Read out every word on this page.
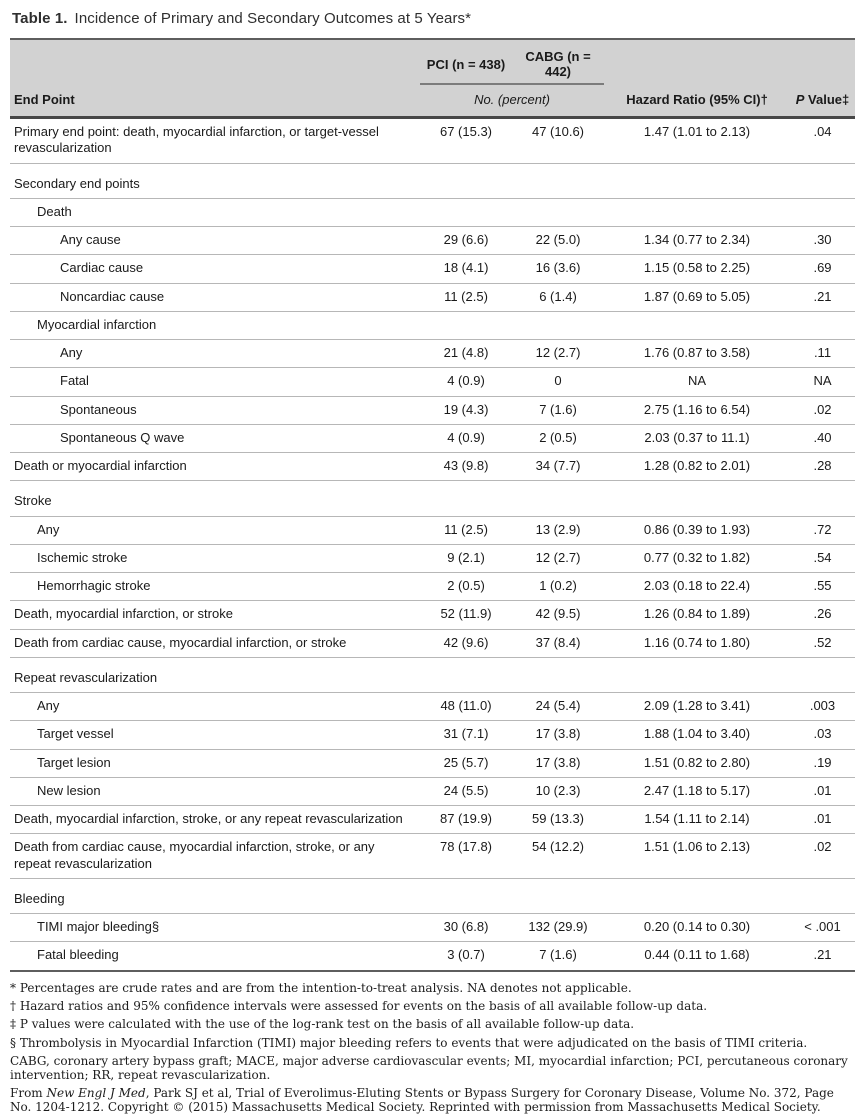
Table 1. Incidence of Primary and Secondary Outcomes at 5 Years*
	PCI (n = 438)	CABG (n = 442)		
End Point	No. (percent)		Hazard Ratio (95% CI)†	P Value‡
Primary end point: death, myocardial infarction, or target-vessel revascularization	67 (15.3)	47 (10.6)	1.47 (1.01 to 2.13)	.04
Secondary end points				
Death				
Any cause	29 (6.6)	22 (5.0)	1.34 (0.77 to 2.34)	.30
Cardiac cause	18 (4.1)	16 (3.6)	1.15 (0.58 to 2.25)	.69
Noncardiac cause	11 (2.5)	6 (1.4)	1.87 (0.69 to 5.05)	.21
Myocardial infarction				
Any	21 (4.8)	12 (2.7)	1.76 (0.87 to 3.58)	.11
Fatal	4 (0.9)	0	NA	NA
Spontaneous	19 (4.3)	7 (1.6)	2.75 (1.16 to 6.54)	.02
Spontaneous Q wave	4 (0.9)	2 (0.5)	2.03 (0.37 to 11.1)	.40
Death or myocardial infarction	43 (9.8)	34 (7.7)	1.28 (0.82 to 2.01)	.28
Stroke				
Any	11 (2.5)	13 (2.9)	0.86 (0.39 to 1.93)	.72
Ischemic stroke	9 (2.1)	12 (2.7)	0.77 (0.32 to 1.82)	.54
Hemorrhagic stroke	2 (0.5)	1 (0.2)	2.03 (0.18 to 22.4)	.55
Death, myocardial infarction, or stroke	52 (11.9)	42 (9.5)	1.26 (0.84 to 1.89)	.26
Death from cardiac cause, myocardial infarction, or stroke	42 (9.6)	37 (8.4)	1.16 (0.74 to 1.80)	.52
Repeat revascularization				
Any	48 (11.0)	24 (5.4)	2.09 (1.28 to 3.41)	.003
Target vessel	31 (7.1)	17 (3.8)	1.88 (1.04 to 3.40)	.03
Target lesion	25 (5.7)	17 (3.8)	1.51 (0.82 to 2.80)	.19
New lesion	24 (5.5)	10 (2.3)	2.47 (1.18 to 5.17)	.01
Death, myocardial infarction, stroke, or any repeat revascularization	87 (19.9)	59 (13.3)	1.54 (1.11 to 2.14)	.01
Death from cardiac cause, myocardial infarction, stroke, or any repeat revascularization	78 (17.8)	54 (12.2)	1.51 (1.06 to 2.13)	.02
Bleeding				
TIMI major bleeding§	30 (6.8)	132 (29.9)	0.20 (0.14 to 0.30)	< .001
Fatal bleeding	3 (0.7)	7 (1.6)	0.44 (0.11 to 1.68)	.21

* Percentages are crude rates and are from the intention-to-treat analysis. NA denotes not applicable.

† Hazard ratios and 95% confidence intervals were assessed for events on the basis of all available follow-up data.

‡ P values were calculated with the use of the log-rank test on the basis of all available follow-up data.

§ Thrombolysis in Myocardial Infarction (TIMI) major bleeding refers to events that were adjudicated on the basis of TIMI criteria.

CABG, coronary artery bypass graft; MACE, major adverse cardiovascular events; MI, myocardial infarction; PCI, percutaneous coronary intervention; RR, repeat revascularization.

From New Engl J Med, Park SJ et al, Trial of Everolimus-Eluting Stents or Bypass Surgery for Coronary Disease, Volume No. 372, Page No. 1204-1212. Copyright © (2015) Massachusetts Medical Society. Reprinted with permission from Massachusetts Medical Society.
